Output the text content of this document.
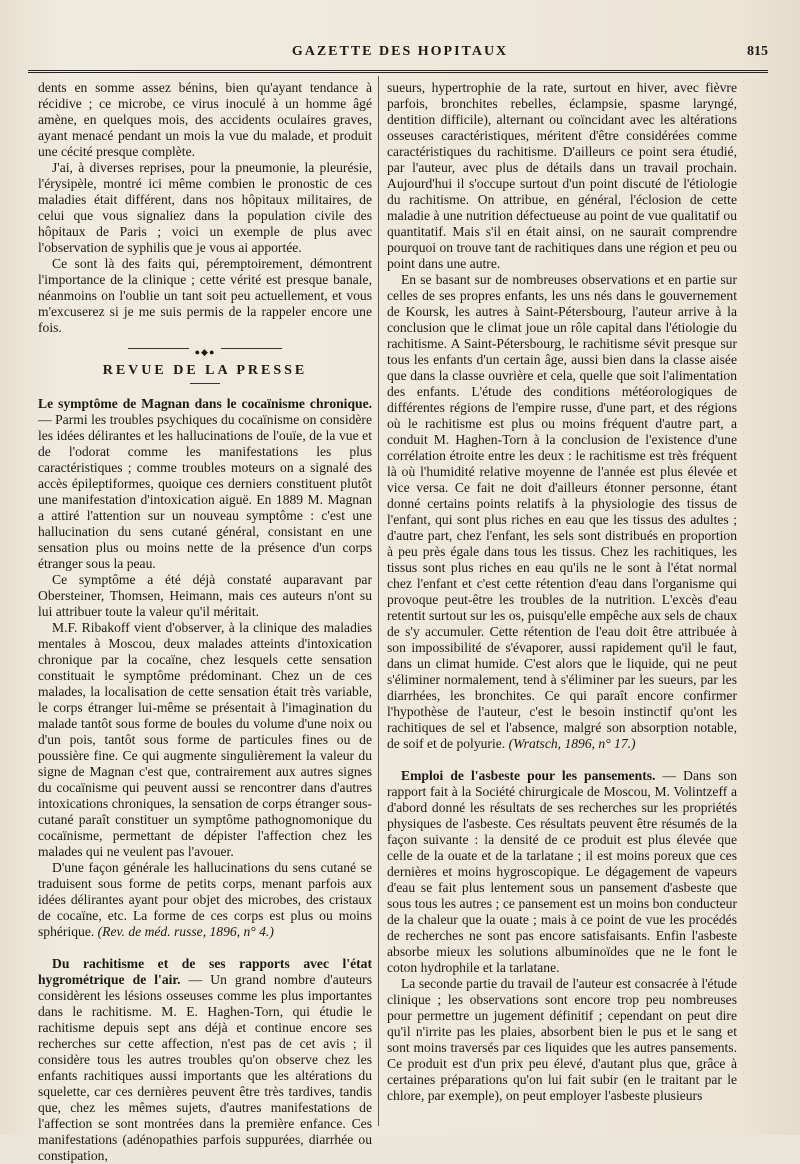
GAZETTE DES HOPITAUX	815

dents en somme assez bénins, bien qu'ayant tendance à récidive ; ce microbe, ce virus inoculé à un homme âgé amène, en quelques mois, des accidents oculaires graves, ayant menacé pendant un mois la vue du malade, et produit une cécité presque complète.

J'ai, à diverses reprises, pour la pneumonie, la pleurésie, l'érysipèle, montré ici même combien le pronostic de ces maladies était différent, dans nos hôpitaux militaires, de celui que vous signaliez dans la population civile des hôpitaux de Paris ; voici un exemple de plus avec l'observation de syphilis que je vous ai apportée.

Ce sont là des faits qui, péremptoirement, démontrent l'importance de la clinique ; cette vérité est presque banale, néanmoins on l'oublie un tant soit peu actuellement, et vous m'excuserez si je me suis permis de la rappeler encore une fois.

●◆●
REVUE DE LA PRESSE

Le symptôme de Magnan dans le cocaïnisme chronique. — Parmi les troubles psychiques du cocaïnisme on considère les idées délirantes et les hallucinations de l'ouïe, de la vue et de l'odorat comme les manifestations les plus caractéristiques ; comme troubles moteurs on a signalé des accès épileptiformes, quoique ces derniers constituent plutôt une manifestation d'intoxication aiguë. En 1889 M. Magnan a attiré l'attention sur un nouveau symptôme : c'est une hallucination du sens cutané général, consistant en une sensation plus ou moins nette de la présence d'un corps étranger sous la peau.

Ce symptôme a été déjà constaté auparavant par Obersteiner, Thomsen, Heimann, mais ces auteurs n'ont su lui attribuer toute la valeur qu'il méritait.

M.F. Ribakoff vient d'observer, à la clinique des maladies mentales à Moscou, deux malades atteints d'intoxication chronique par la cocaïne, chez lesquels cette sensation constituait le symptôme prédominant. Chez un de ces malades, la localisation de cette sensation était très variable, le corps étranger lui-même se présentait à l'imagination du malade tantôt sous forme de boules du volume d'une noix ou d'un pois, tantôt sous forme de particules fines ou de poussière fine. Ce qui augmente singulièrement la valeur du signe de Magnan c'est que, contrairement aux autres signes du cocaïnisme qui peuvent aussi se rencontrer dans d'autres intoxications chroniques, la sensation de corps étranger sous-cutané paraît constituer un symptôme pathognomonique du cocaïnisme, permettant de dépister l'affection chez les malades qui ne veulent pas l'avouer.

D'une façon générale les hallucinations du sens cutané se traduisent sous forme de petits corps, menant parfois aux idées délirantes ayant pour objet des microbes, des cristaux de cocaïne, etc. La forme de ces corps est plus ou moins sphérique. (Rev. de méd. russe, 1896, n° 4.)

Du rachitisme et de ses rapports avec l'état hygrométrique de l'air. — Un grand nombre d'auteurs considèrent les lésions osseuses comme les plus importantes dans le rachitisme. M. E. Haghen-Torn, qui étudie le rachitisme depuis sept ans déjà et continue encore ses recherches sur cette affection, n'est pas de cet avis ; il considère tous les autres troubles qu'on observe chez les enfants rachitiques aussi importants que les altérations du squelette, car ces dernières peuvent être très tardives, tandis que, chez les mêmes sujets, d'autres manifestations de l'affection se sont montrées dans la première enfance. Ces manifestations (adénopathies parfois suppurées, diarrhée ou constipation,

sueurs, hypertrophie de la rate, surtout en hiver, avec fièvre parfois, bronchites rebelles, éclampsie, spasme laryngé, dentition difficile), alternant ou coïncidant avec les altérations osseuses caractéristiques, méritent d'être considérées comme caractéristiques du rachitisme. D'ailleurs ce point sera étudié, par l'auteur, avec plus de détails dans un travail prochain. Aujourd'hui il s'occupe surtout d'un point discuté de l'étiologie du rachitisme. On attribue, en général, l'éclosion de cette maladie à une nutrition défectueuse au point de vue qualitatif ou quantitatif. Mais s'il en était ainsi, on ne saurait comprendre pourquoi on trouve tant de rachitiques dans une région et peu ou point dans une autre.

En se basant sur de nombreuses observations et en partie sur celles de ses propres enfants, les uns nés dans le gouvernement de Koursk, les autres à Saint-Pétersbourg, l'auteur arrive à la conclusion que le climat joue un rôle capital dans l'étiologie du rachitisme. A Saint-Pétersbourg, le rachitisme sévit presque sur tous les enfants d'un certain âge, aussi bien dans la classe aisée que dans la classe ouvrière et cela, quelle que soit l'alimentation des enfants. L'étude des conditions météorologiques de différentes régions de l'empire russe, d'une part, et des régions où le rachitisme est plus ou moins fréquent d'autre part, a conduit M. Haghen-Torn à la conclusion de l'existence d'une corrélation étroite entre les deux : le rachitisme est très fréquent là où l'humidité relative moyenne de l'année est plus élevée et vice versa. Ce fait ne doit d'ailleurs étonner personne, étant donné certains points relatifs à la physiologie des tissus de l'enfant, qui sont plus riches en eau que les tissus des adultes ; d'autre part, chez l'enfant, les sels sont distribués en proportion à peu près égale dans tous les tissus. Chez les rachitiques, les tissus sont plus riches en eau qu'ils ne le sont à l'état normal chez l'enfant et c'est cette rétention d'eau dans l'organisme qui provoque peut-être les troubles de la nutrition. L'excès d'eau retentit surtout sur les os, puisqu'elle empêche aux sels de chaux de s'y accumuler. Cette rétention de l'eau doit être attribuée à son impossibilité de s'évaporer, aussi rapidement qu'il le faut, dans un climat humide. C'est alors que le liquide, qui ne peut s'éliminer normalement, tend à s'éliminer par les sueurs, par les diarrhées, les bronchites. Ce qui paraît encore confirmer l'hypothèse de l'auteur, c'est le besoin instinctif qu'ont les rachitiques de sel et l'absence, malgré son absorption notable, de soif et de polyurie. (Wratsch, 1896, n° 17.)

Emploi de l'asbeste pour les pansements. — Dans son rapport fait à la Société chirurgicale de Moscou, M. Volintzeff a d'abord donné les résultats de ses recherches sur les propriétés physiques de l'asbeste. Ces résultats peuvent être résumés de la façon suivante : la densité de ce produit est plus élevée que celle de la ouate et de la tarlatane ; il est moins poreux que ces dernières et moins hygroscopique. Le dégagement de vapeurs d'eau se fait plus lentement sous un pansement d'asbeste que sous tous les autres ; ce pansement est un moins bon conducteur de la chaleur que la ouate ; mais à ce point de vue les procédés de recherches ne sont pas encore satisfaisants. Enfin l'asbeste absorbe mieux les solutions albuminoïdes que ne le font le coton hydrophile et la tarlatane.

La seconde partie du travail de l'auteur est consacrée à l'étude clinique ; les observations sont encore trop peu nombreuses pour permettre un jugement définitif ; cependant on peut dire qu'il n'irrite pas les plaies, absorbent bien le pus et le sang et sont moins traversés par ces liquides que les autres pansements. Ce produit est d'un prix peu élevé, d'autant plus que, grâce à certaines préparations qu'on lui fait subir (en le traitant par le chlore, par exemple), on peut employer l'asbeste plusieurs
